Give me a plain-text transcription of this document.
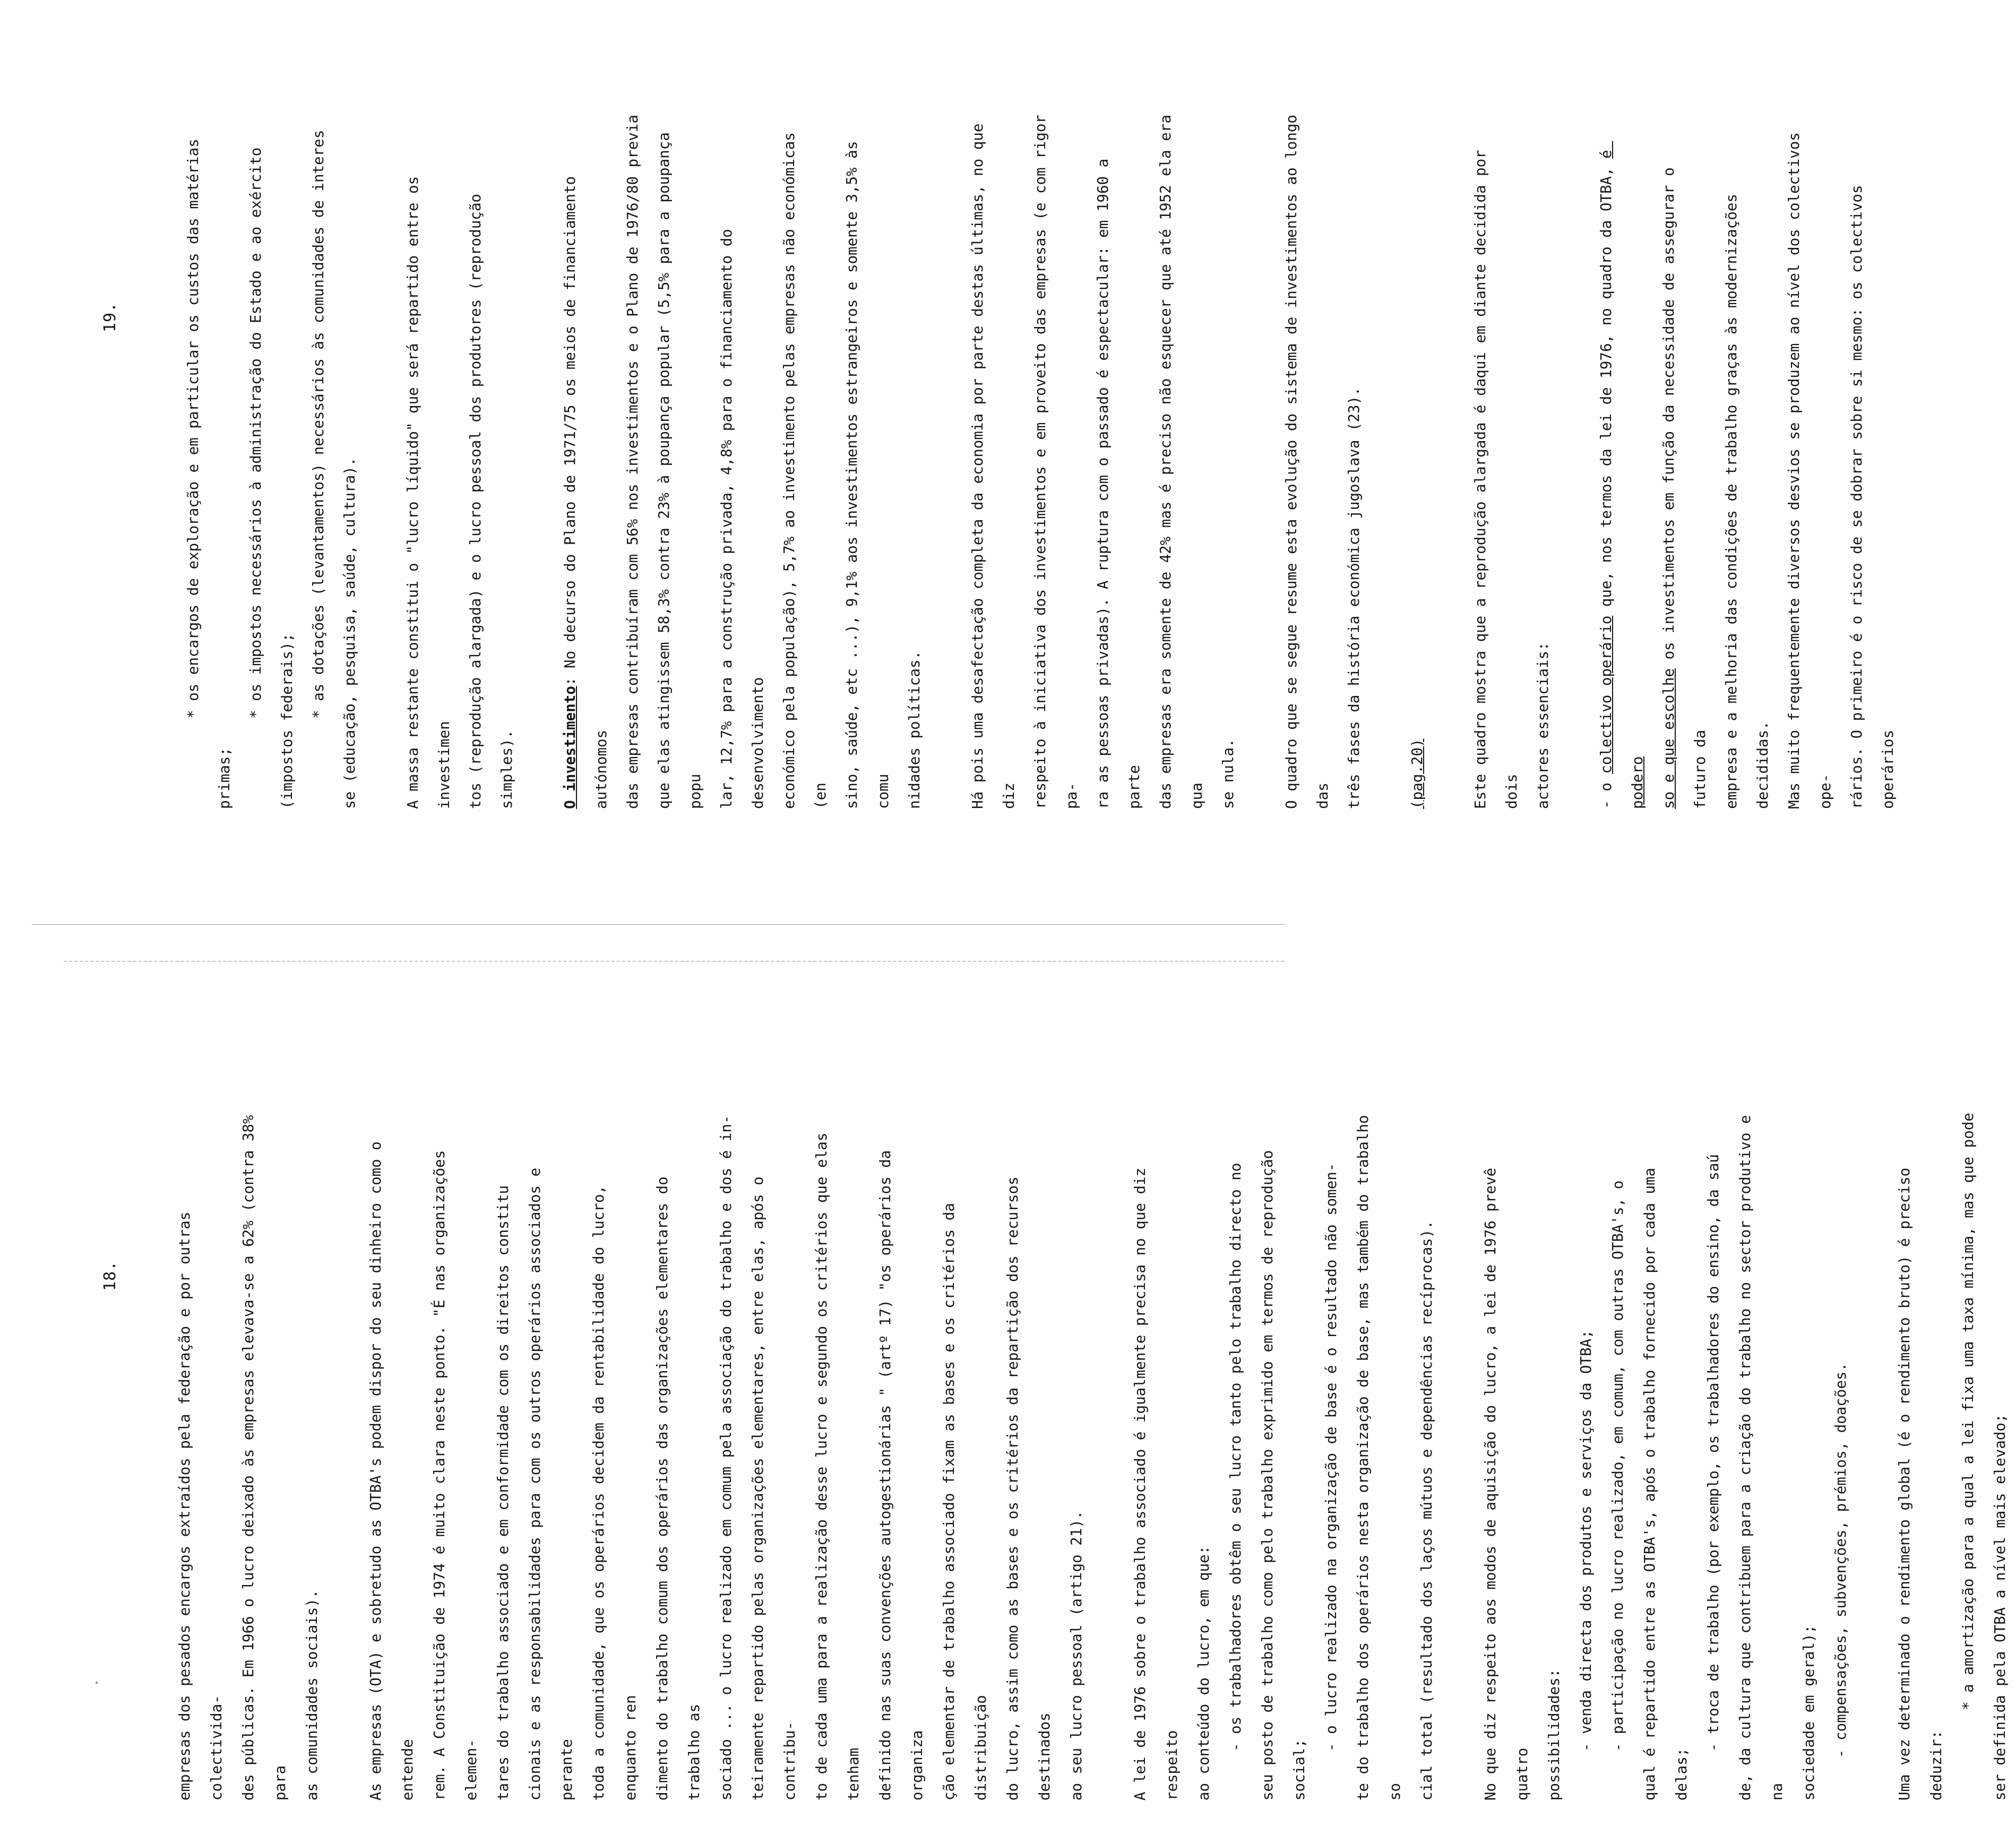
18.	empresas dos pesados encargos extraídos pela federação e por outras colectivida- des públicas. Em 1966 o lucro deixado às empresas elevava-se a 62% (contra 38% para as comunidades sociais).	As empresas (OTA) e sobretudo as OTBA's podem dispor do seu dinheiro como o entende rem. A Constituição de 1974 é muito clara neste ponto. "É nas organizações elemen- tares do trabalho associado e em conformidade com os direitos constitu cionais e as responsabilidades para com os outros operários associados e perante toda a comunidade, que os operários decidem da rentabilidade do lucro, enquanto ren dimento do trabalho comum dos operários das organizações elementares do trabalho as sociado ... o lucro realizado em comum pela associação do trabalho e dos é in- teiramente repartido pelas organizações elementares, entre elas, após o contribu- to de cada uma para a realização desse lucro e segundo os critérios que elas tenham definido nas suas convenções autogestionárias " (artº 17) "os operários da organiza ção elementar de trabalho associado fixam as bases e os critérios da distribuição do lucro, assim como as bases e os critérios da repartição dos recursos destinados ao seu lucro pessoal (artigo 21).	A lei de 1976 sobre o trabalho associado é igualmente precisa no que diz respeito ao conteúdo do lucro, em que:	- os trabalhadores obtêm o seu lucro tanto pelo trabalho directo no	seu posto de trabalho como pelo trabalho exprimido em termos de reprodução social;

- o lucro realizado na organização de base é o resultado não somen-	te do trabalho dos operários nesta organização de base, mas também do trabalho so cial total (resultado dos laços mútuos e dependências recíprocas).	No que diz respeito aos modos de aquisição do lucro, a lei de 1976 prevê quatro possibilidades:	- venda directa dos produtos e serviços da OTBA;	- participação no lucro realizado, em comum, com outras OTBA's, o	qual é repartido entre as OTBA's, após o trabalho fornecido por cada uma delas;

- troca de trabalho (por exemplo, os trabalhadores do ensino, da saú	de, da cultura que contribuem para a criação do trabalho no sector produtivo e na	sociedade em geral);	- compensações, subvenções, prémios, doações.	Uma vez determinado o rendimento global (é o rendimento bruto) é preciso deduzir:

* a amortização para a qual a lei fixa uma taxa mínima, mas que pode	ser definida pela OTBA a nível mais elevado;

19.	* os encargos de exploração e em particular os custos das matérias

primas;

* os impostos necessários à administração do Estado e ao exército

(impostos federais);

* as dotações (levantamentos) necessários às comunidades de interes se (educação, pesquisa, saúde, cultura).	A massa restante constitui o "lucro líquido" que será repartido entre os investimen tos (reprodução alargada) e o lucro pessoal dos produtores (reprodução simples).	O investimento: No decurso do Plano de 1971/75 os meios de financiamento autónomos das empresas contribuíram com 56% nos investimentos e o Plano de 1976/80 previa que elas atingissem 58,3% contra 23% à poupança popular (5,5% para a poupança popu lar, 12,7% para a construção privada, 4,8% para o financiamento do desenvolvimento económico pela população), 5,7% ao investimento pelas empresas não económicas (en sino, saúde, etc ...), 9,1% aos investimentos estrangeiros e somente 3,5% às comu nidades políticas.	Há pois uma desafectação completa da economia por parte destas últimas, no que diz respeito à iniciativa dos investimentos e em proveito das empresas (e com rigor pa- ra as pessoas privadas). A ruptura com o passado é espectacular: em 1960 a parte das empresas era somente de 42% mas é preciso não esquecer que até 1952 ela era qua se nula.	O quadro que se segue resume esta evolução do sistema de investimentos ao longo das três fases da história económica jugoslava (23).	(pag.20)	Este quadro mostra que a reprodução alargada é daqui em diante decidida por dois actores essenciais:	- o colectivo operário que, nos termos da lei de 1976, no quadro da OTBA, é podero so e que escolhe os investimentos em função da necessidade de assegurar o futuro da empresa e a melhoria das condições de trabalho graças às modernizações decididas. Mas muito frequentemente diversos desvios se produzem ao nível dos colectivos ope- rários. O primeiro é o risco de se dobrar sobre si mesmo: os colectivos operários
